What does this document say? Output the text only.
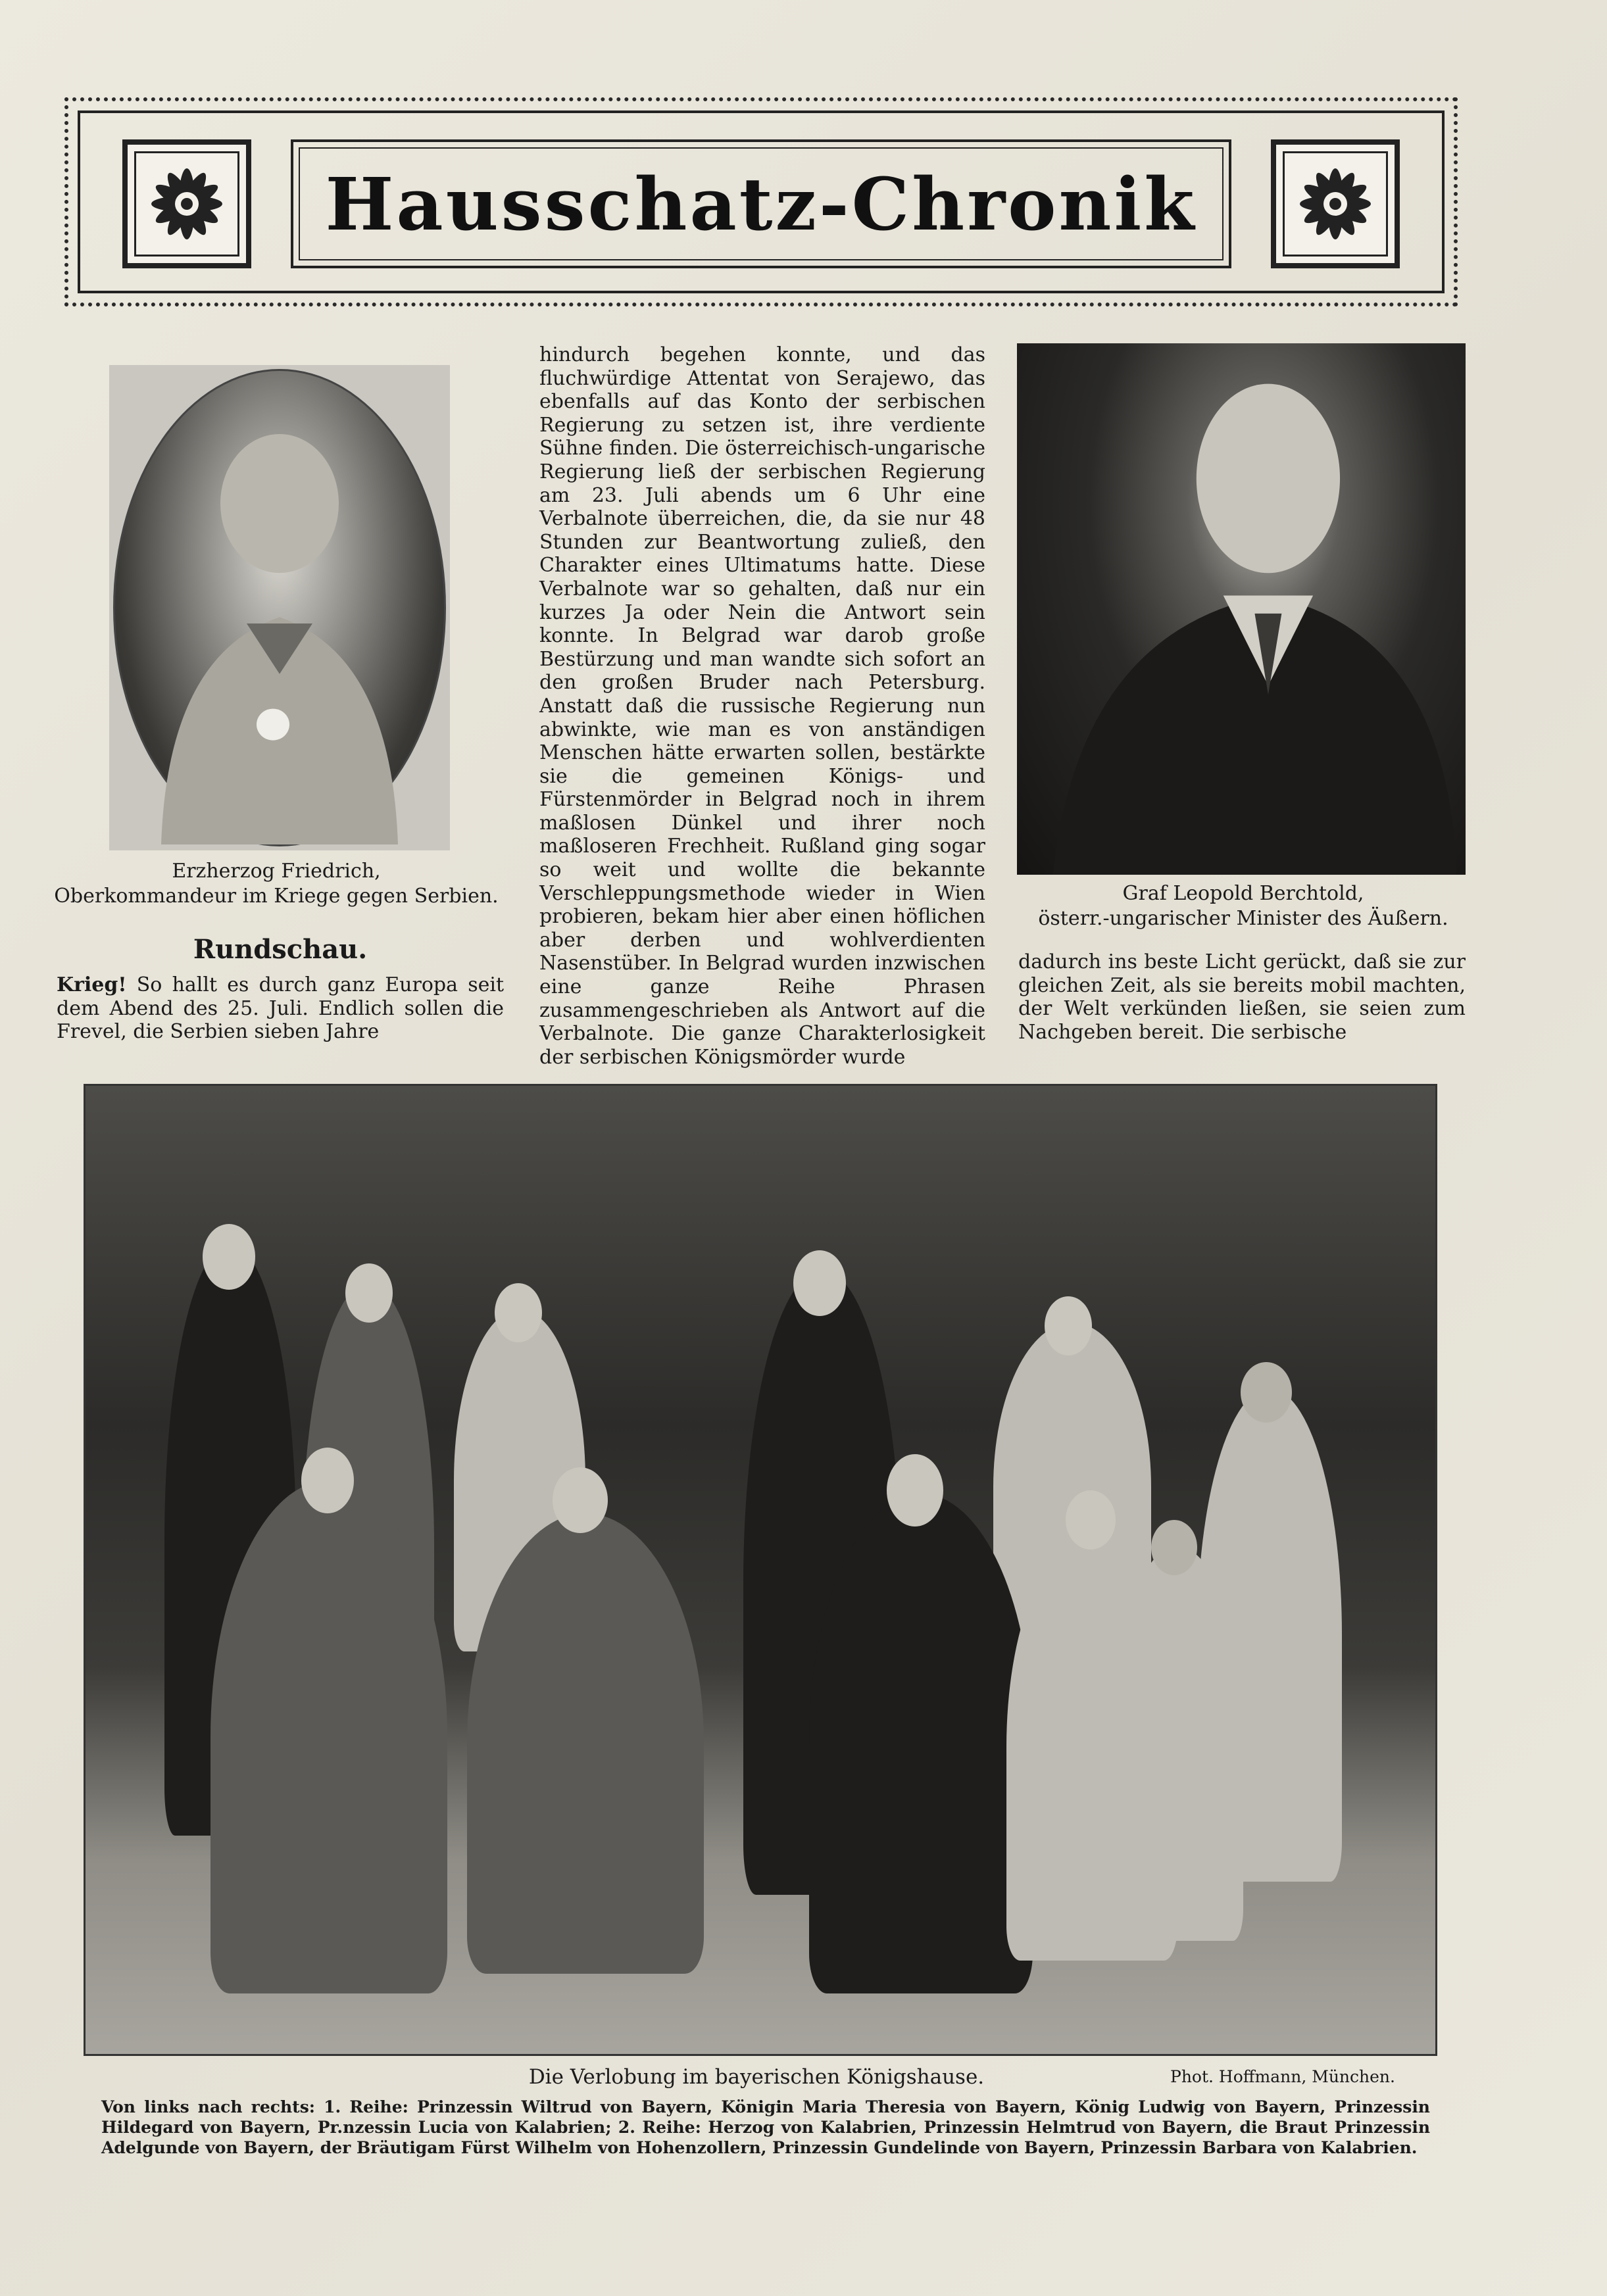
Hausschatz-Chronik
Erzherzog Friedrich,
Oberkommandeur im Kriege gegen Serbien.
Rundschau.

Krieg! So hallt es durch ganz Europa seit dem Abend des 25. Juli. Endlich sollen die Frevel, die Serbien sieben Jahre

hindurch begehen konnte, und das fluchwürdige Attentat von Serajewo, das ebenfalls auf das Konto der serbischen Regierung zu setzen ist, ihre verdiente Sühne finden. Die österreichisch-ungarische Regierung ließ der serbischen Regierung am 23. Juli abends um 6 Uhr eine Verbalnote überreichen, die, da sie nur 48 Stunden zur Beantwortung zuließ, den Charakter eines Ultimatums hatte. Diese Verbalnote war so gehalten, daß nur ein kurzes Ja oder Nein die Antwort sein konnte. In Belgrad war darob große Bestürzung und man wandte sich sofort an den großen Bruder nach Petersburg. Anstatt daß die russische Regierung nun abwinkte, wie man es von anständigen Menschen hätte erwarten sollen, bestärkte sie die gemeinen Königs- und Fürstenmörder in Belgrad noch in ihrem maßlosen Dünkel und ihrer noch maßloseren Frechheit. Rußland ging sogar so weit und wollte die bekannte Verschleppungsmethode wieder in Wien probieren, bekam hier aber einen höflichen aber derben und wohlverdienten Nasenstüber. In Belgrad wurden inzwischen eine ganze Reihe Phrasen zusammengeschrieben als Antwort auf die Verbalnote. Die ganze Charakterlosigkeit der serbischen Königsmörder wurde

Graf Leopold Berchtold,
österr.-ungarischer Minister des Äußern.

dadurch ins beste Licht gerückt, daß sie zur gleichen Zeit, als sie bereits mobil machten, der Welt verkünden ließen, sie seien zum Nachgeben bereit. Die serbische

Die Verlobung im bayerischen Königshause.	Phot. Hoffmann, München.
Von links nach rechts: 1. Reihe: Prinzessin Wiltrud von Bayern, Königin Maria Theresia von Bayern, König Ludwig von Bayern, Prinzessin Hildegard von Bayern, Pr.nzessin Lucia von Kalabrien; 2. Reihe: Herzog von Kalabrien, Prinzessin Helmtrud von Bayern, die Braut Prinzessin Adelgunde von Bayern, der Bräutigam Fürst Wilhelm von Hohenzollern, Prinzessin Gundelinde von Bayern, Prinzessin Barbara von Kalabrien.
